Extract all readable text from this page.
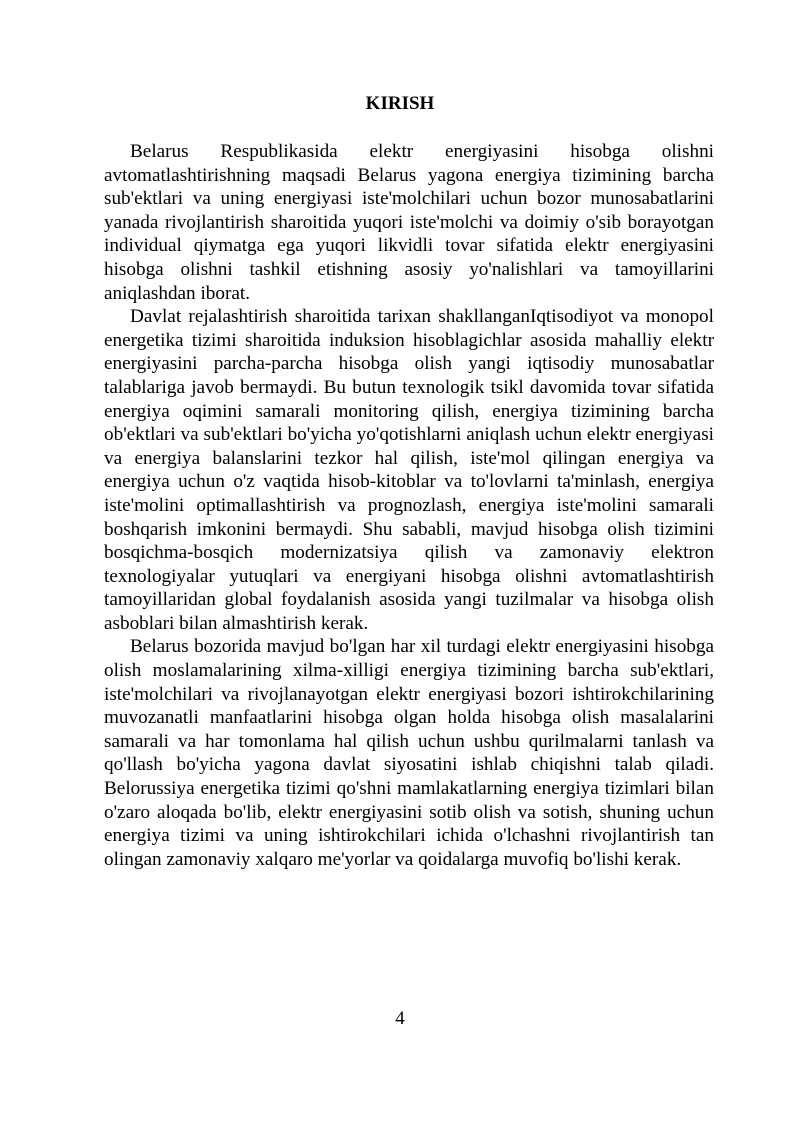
KIRISH

Belarus Respublikasida elektr energiyasini hisobga olishni avtomatlashtirishning maqsadi Belarus yagona energiya tizimining barcha sub'ektlari va uning energiyasi iste'molchilari uchun bozor munosabatlarini yanada rivojlantirish sharoitida yuqori iste'molchi va doimiy o'sib borayotgan individual qiymatga ega yuqori likvidli tovar sifatida elektr energiyasini hisobga olishni tashkil etishning asosiy yo'nalishlari va tamoyillarini aniqlashdan iborat.

Davlat rejalashtirish sharoitida tarixan shakllanganIqtisodiyot va monopol energetika tizimi sharoitida induksion hisoblagichlar asosida mahalliy elektr energiyasini parcha-parcha hisobga olish yangi iqtisodiy munosabatlar talablariga javob bermaydi. Bu butun texnologik tsikl davomida tovar sifatida energiya oqimini samarali monitoring qilish, energiya tizimining barcha ob'ektlari va sub'ektlari bo'yicha yo'qotishlarni aniqlash uchun elektr energiyasi va energiya balanslarini tezkor hal qilish, iste'mol qilingan energiya va energiya uchun o'z vaqtida hisob-kitoblar va to'lovlarni ta'minlash, energiya iste'molini optimallashtirish va prognozlash, energiya iste'molini samarali boshqarish imkonini bermaydi. Shu sababli, mavjud hisobga olish tizimini bosqichma-bosqich modernizatsiya qilish va zamonaviy elektron texnologiyalar yutuqlari va energiyani hisobga olishni avtomatlashtirish tamoyillaridan global foydalanish asosida yangi tuzilmalar va hisobga olish asboblari bilan almashtirish kerak.

Belarus bozorida mavjud bo'lgan har xil turdagi elektr energiyasini hisobga olish moslamalarining xilma-xilligi energiya tizimining barcha sub'ektlari, iste'molchilari va rivojlanayotgan elektr energiyasi bozori ishtirokchilarining muvozanatli manfaatlarini hisobga olgan holda hisobga olish masalalarini samarali va har tomonlama hal qilish uchun ushbu qurilmalarni tanlash va qo'llash bo'yicha yagona davlat siyosatini ishlab chiqishni talab qiladi. Belorussiya energetika tizimi qo'shni mamlakatlarning energiya tizimlari bilan o'zaro aloqada bo'lib, elektr energiyasini sotib olish va sotish, shuning uchun energiya tizimi va uning ishtirokchilari ichida o'lchashni rivojlantirish tan olingan zamonaviy xalqaro me'yorlar va qoidalarga muvofiq bo'lishi kerak.

4
